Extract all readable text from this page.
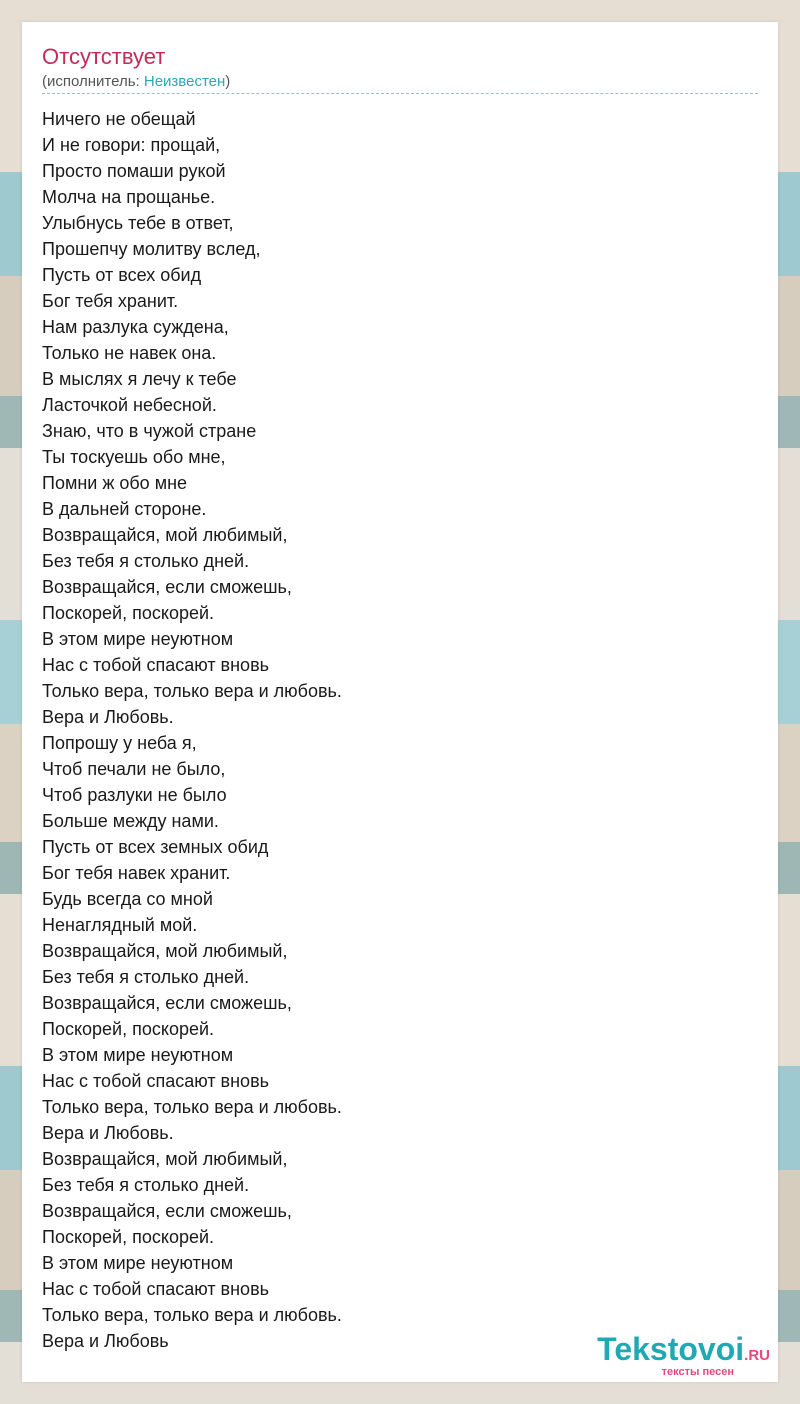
Отсутствует
(исполнитель: Неизвестен)
Ничего не обещай
И не говори: прощай,
Просто помаши рукой
Молча на прощанье.
Улыбнусь тебе в ответ,
Прошепчу молитву вслед,
Пусть от всех обид
Бог тебя хранит.
Нам разлука суждена,
Только не навек она.
В мыслях я лечу к тебе
Ласточкой небесной.
Знаю, что в чужой стране
Ты тоскуешь обо мне,
Помни ж обо мне
В дальней стороне.
Возвращайся, мой любимый,
Без тебя я столько дней.
Возвращайся, если сможешь,
Поскорей, поскорей.
В этом мире неуютном
Нас с тобой спасают вновь
Только вера, только вера и любовь.
Вера и Любовь.
Попрошу у неба я,
Чтоб печали не было,
Чтоб разлуки не было
Больше между нами.
Пусть от всех земных обид
Бог тебя навек хранит.
Будь всегда со мной
Ненаглядный мой.
Возвращайся, мой любимый,
Без тебя я столько дней.
Возвращайся, если сможешь,
Поскорей, поскорей.
В этом мире неуютном
Нас с тобой спасают вновь
Только вера, только вера и любовь.
Вера и Любовь.
Возвращайся, мой любимый,
Без тебя я столько дней.
Возвращайся, если сможешь,
Поскорей, поскорей.
В этом мире неуютном
Нас с тобой спасают вновь
Только вера, только вера и любовь.
Вера и Любовь	Tekstovoi.RU
тексты песен
